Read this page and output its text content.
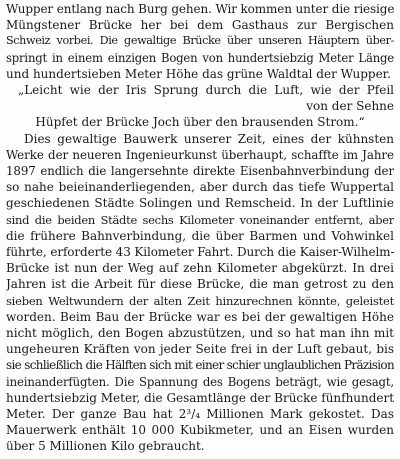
Wupper entlang nach Burg gehen. Wir kommen unter die riesige
Müngstener Brücke her bei dem Gasthaus zur Bergischen
Schweiz vorbei. Die gewaltige Brücke über unseren Häuptern über-
springt in einem einzigen Bogen von hundertsiebzig Meter Länge
und hundertsieben Meter Höhe das grüne Waldtal der Wupper.
„Leicht wie der Iris Sprung durch die Luft, wie der Pfeil
von der Sehne
Hüpfet der Brücke Joch über den brausenden Strom.“
Dies gewaltige Bauwerk unserer Zeit, eines der kühnsten
Werke der neueren Ingenieurkunst überhaupt, schaffte im Jahre
1897 endlich die langersehnte direkte Eisenbahnverbindung der
so nahe beieinanderliegenden, aber durch das tiefe Wuppertal
geschiedenen Städte Solingen und Remscheid. In der Luftlinie
sind die beiden Städte sechs Kilometer voneinander entfernt, aber
die frühere Bahnverbindung, die über Barmen und Vohwinkel
führte, erforderte 43 Kilometer Fahrt. Durch die Kaiser-Wilhelm-
Brücke ist nun der Weg auf zehn Kilometer abgekürzt. In drei
Jahren ist die Arbeit für diese Brücke, die man getrost zu den
sieben Weltwundern der alten Zeit hinzurechnen könnte, geleistet
worden. Beim Bau der Brücke war es bei der gewaltigen Höhe
nicht möglich, den Bogen abzustützen, und so hat man ihn mit
ungeheuren Kräften von jeder Seite frei in der Luft gebaut, bis
sie schließlich die Hälften sich mit einer schier unglaublichen Präzision
ineinanderfügten. Die Spannung des Bogens beträgt, wie gesagt,
hundertsiebzig Meter, die Gesamtlänge der Brücke fünfhundert
Meter. Der ganze Bau hat 2³/₄ Millionen Mark gekostet. Das
Mauerwerk enthält 10 000 Kubikmeter, und an Eisen wurden
über 5 Millionen Kilo gebraucht.
